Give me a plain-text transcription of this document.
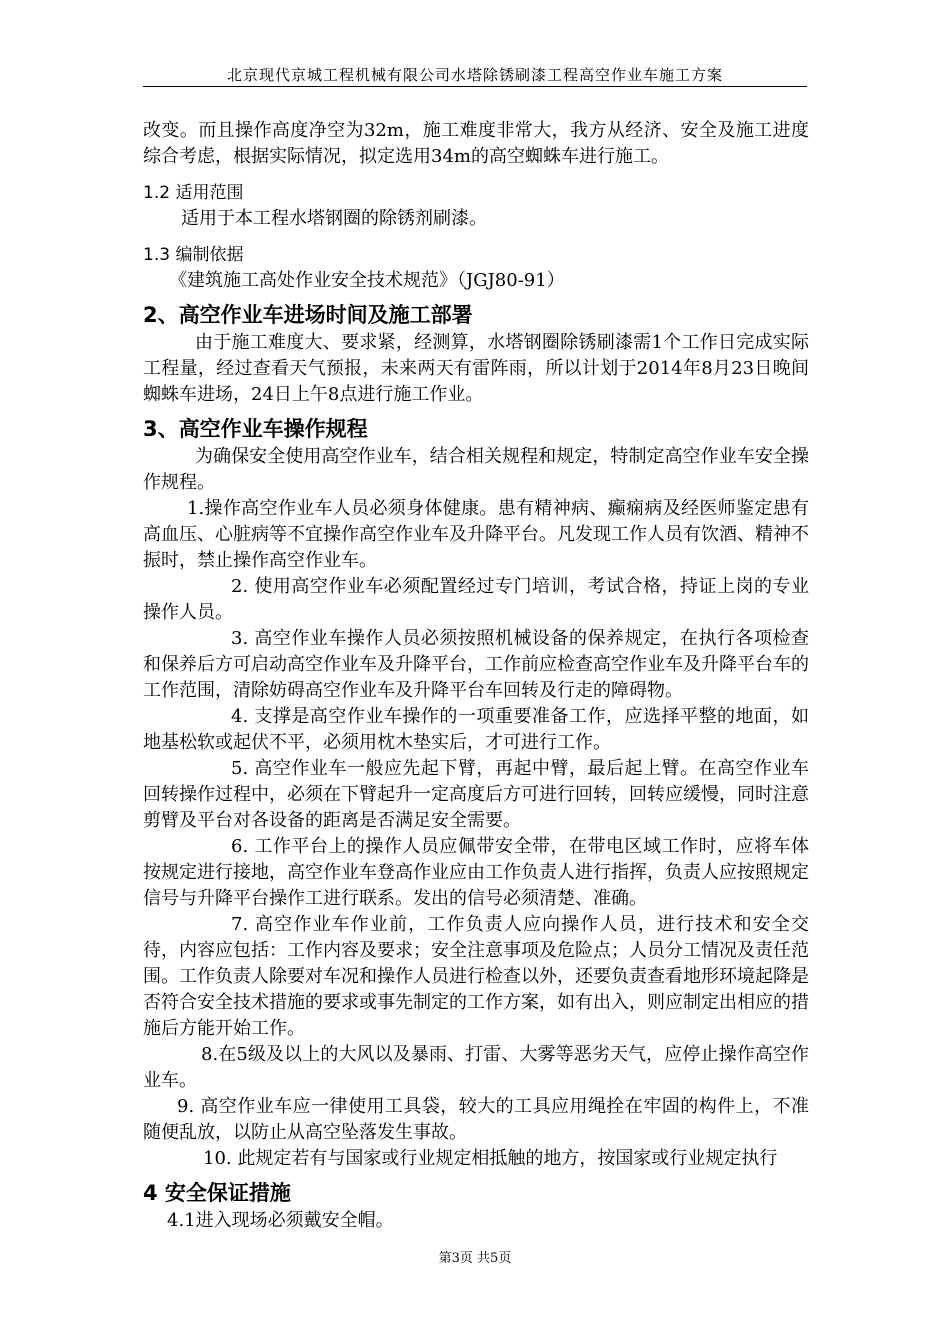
北京现代京城工程机械有限公司水塔除锈刷漆工程高空作业车施工方案

改变。而且操作高度净空为32m，施工难度非常大，我方从经济、安全及施工进度综合考虑，根据实际情况，拟定选用34m的高空蜘蛛车进行施工。

1.2 适用范围

适用于本工程水塔钢圈的除锈剂刷漆。

1.3 编制依据

《建筑施工高处作业安全技术规范》（JGJ80-91）

2、高空作业车进场时间及施工部署

由于施工难度大、要求紧，经测算，水塔钢圈除锈刷漆需1个工作日完成实际工程量，经过查看天气预报，未来两天有雷阵雨，所以计划于2014年8月23日晚间蜘蛛车进场，24日上午8点进行施工作业。

3、高空作业车操作规程

为确保安全使用高空作业车，结合相关规程和规定，特制定高空作业车安全操作规程。

1.操作高空作业车人员必须身体健康。患有精神病、癫痫病及经医师鉴定患有高血压、心脏病等不宜操作高空作业车及升降平台。凡发现工作人员有饮酒、精神不振时，禁止操作高空作业车。

2. 使用高空作业车必须配置经过专门培训，考试合格，持证上岗的专业操作人员。

3. 高空作业车操作人员必须按照机械设备的保养规定，在执行各项检查和保养后方可启动高空作业车及升降平台，工作前应检查高空作业车及升降平台车的工作范围，清除妨碍高空作业车及升降平台车回转及行走的障碍物。

4. 支撑是高空作业车操作的一项重要准备工作，应选择平整的地面，如地基松软或起伏不平，必须用枕木垫实后，才可进行工作。

5. 高空作业车一般应先起下臂，再起中臂，最后起上臂。在高空作业车回转操作过程中，必须在下臂起升一定高度后方可进行回转，回转应缓慢，同时注意剪臂及平台对各设备的距离是否满足安全需要。

6. 工作平台上的操作人员应佩带安全带，在带电区域工作时，应将车体按规定进行接地，高空作业车登高作业应由工作负责人进行指挥，负责人应按照规定信号与升降平台操作工进行联系。发出的信号必须清楚、准确。

7. 高空作业车作业前，工作负责人应向操作人员，进行技术和安全交待，内容应包括：工作内容及要求；安全注意事项及危险点；人员分工情况及责任范围。工作负责人除要对车况和操作人员进行检查以外，还要负责查看地形环境起降是否符合安全技术措施的要求或事先制定的工作方案，如有出入，则应制定出相应的措施后方能开始工作。

8.在5级及以上的大风以及暴雨、打雷、大雾等恶劣天气，应停止操作高空作业车。

9. 高空作业车应一律使用工具袋，较大的工具应用绳拴在牢固的构件上，不准随便乱放，以防止从高空坠落发生事故。

10. 此规定若有与国家或行业规定相抵触的地方，按国家或行业规定执行

4 安全保证措施

4.1进入现场必须戴安全帽。

第3页 共5页
